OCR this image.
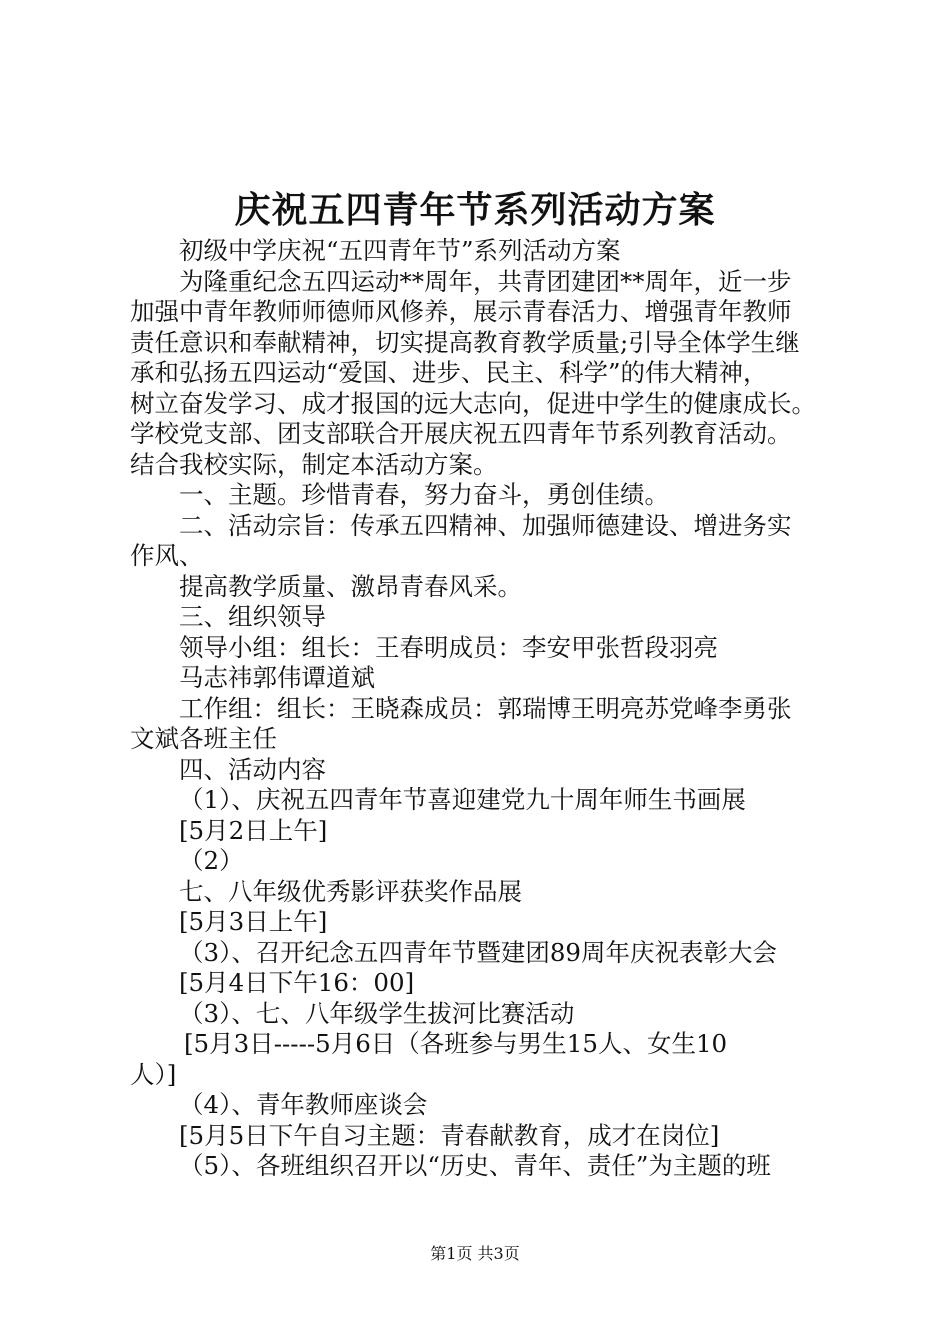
庆祝五四青年节系列活动方案

初级中学庆祝“五四青年节”系列活动方案

为隆重纪念五四运动**周年，共青团建团**周年，近一步

加强中青年教师师德师风修养，展示青春活力、增强青年教师

责任意识和奉献精神，切实提高教育教学质量;引导全体学生继

承和弘扬五四运动“爱国、进步、民主、科学”的伟大精神，

树立奋发学习、成才报国的远大志向，促进中学生的健康成长。

学校党支部、团支部联合开展庆祝五四青年节系列教育活动。

结合我校实际，制定本活动方案。

一、主题。珍惜青春，努力奋斗，勇创佳绩。

二、活动宗旨：传承五四精神、加强师德建设、增进务实

作风、

提高教学质量、激昂青春风采。

三、组织领导

领导小组：组长：王春明成员：李安甲张哲段羽亮

马志祎郭伟谭道斌

工作组：组长：王晓森成员：郭瑞博王明亮苏党峰李勇张

文斌各班主任

四、活动内容

（1）、庆祝五四青年节喜迎建党九十周年师生书画展

[5月2日上午]

（2）

七、八年级优秀影评获奖作品展

[5月3日上午]

（3）、召开纪念五四青年节暨建团89周年庆祝表彰大会

[5月4日下午16：00]

（3）、七、八年级学生拔河比赛活动

[5月3日-----5月6日（各班参与男生15人、女生10

人）]

（4）、青年教师座谈会

[5月5日下午自习主题：青春献教育，成才在岗位]

（5）、各班组织召开以“历史、青年、责任”为主题的班

第1页 共3页
